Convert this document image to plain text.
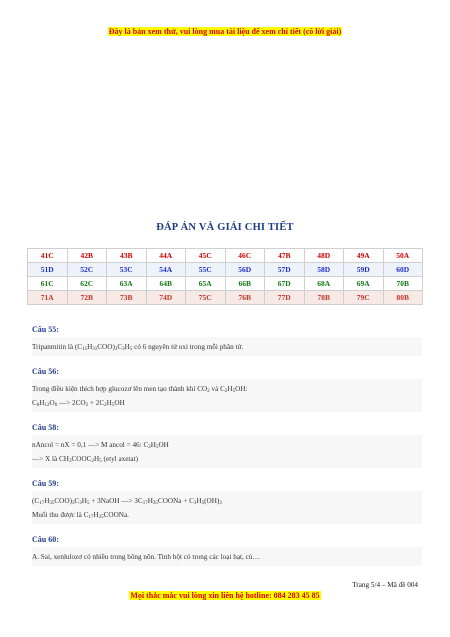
Đây là bản xem thử, vui lòng mua tài liệu để xem chi tiết (có lời giải)
ĐÁP ÁN VÀ GIẢI CHI TIẾT
41C	42B	43B	44A	45C	46C	47B	48D	49A	50A
51D	52C	53C	54A	55C	56D	57D	58D	59D	60D
61C	62C	63A	64B	65A	66B	67D	68A	69A	70B
71A	72B	73B	74D	75C	76B	77D	78B	79C	80B
Câu 55:

Tripanmitin là $(C_{15}H_{31}COO)_3C_3H_5$ có 6 nguyên tử oxi trong mỗi phân tử.

Câu 56:

Trong điều kiện thích hợp glucozơ lên men tạo thành khí $CO_2$ và $C_2H_5OH$:

$C_6H_{12}O_6$ —> $2CO_2 + 2C_2H_5OH$

Câu 58:

nAncol = nX = 0,1 —> M ancol = 46: $C_2H_5OH$

—> X là $CH_3COOC_2H_5$ (etyl axetat)

Câu 59:

$(C_{17}H_{35}COO)_3C_3H_5$ + 3NaOH —> $3C_{17}H_{35}COONa + C_3H_5(OH)_3$

Muối thu được là $C_{17}H_{35}COONa$.

Câu 60:

A. Sai, xenlulozơ có nhiều trong bông nõn. Tinh bột có trong các loại hạt, củ…

Trang 5/4 – Mã đề 004
Mọi thắc mắc vui lòng xin liên hệ hotline: 084 283 45 85
